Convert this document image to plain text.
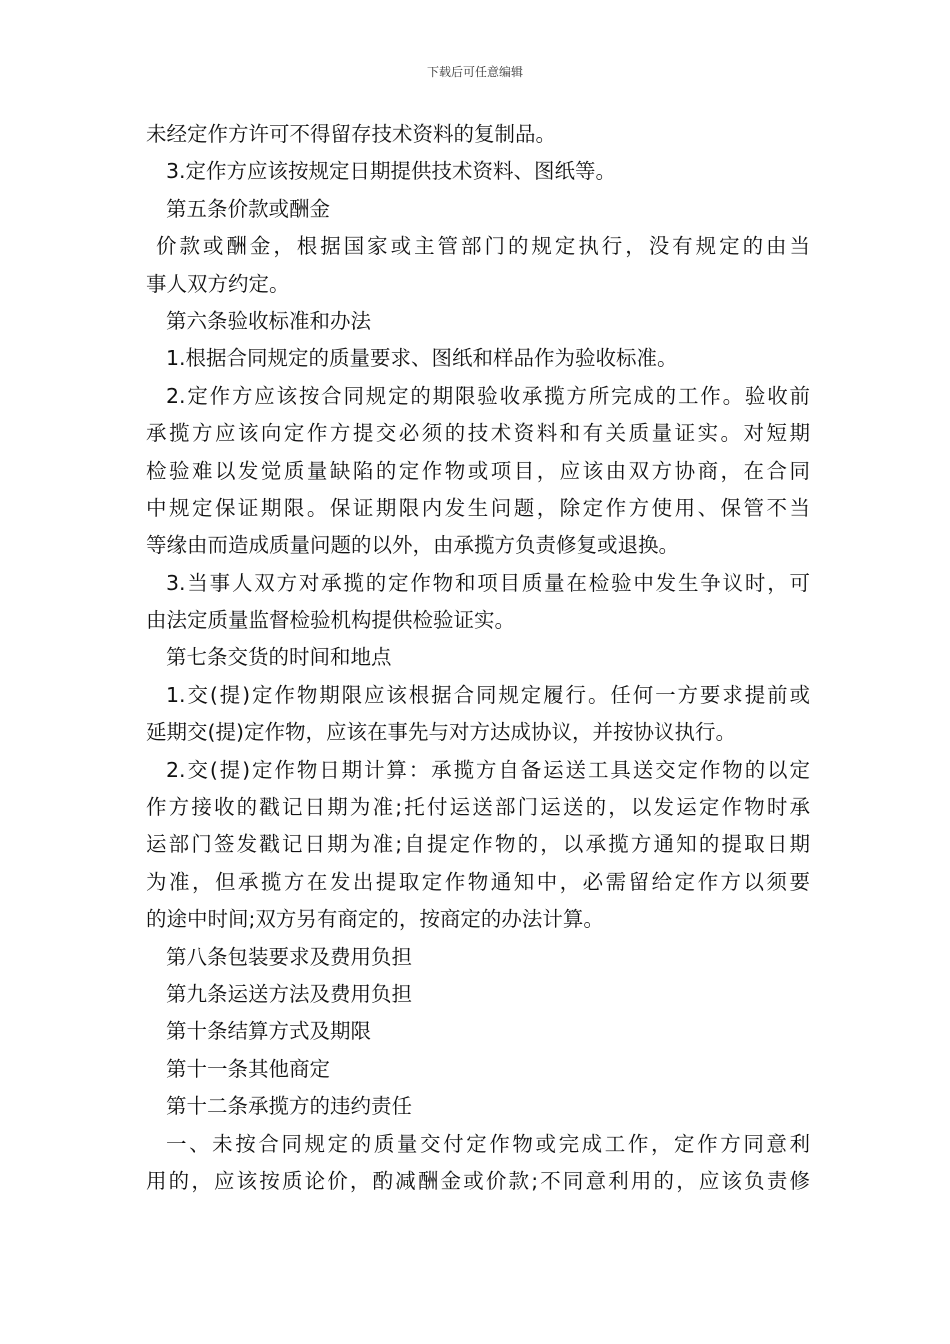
下载后可任意编辑
未经定作方许可不得留存技术资料的复制品。
3.定作方应该按规定日期提供技术资料、图纸等。
第五条价款或酬金
价款或酬金，根据国家或主管部门的规定执行，没有规定的由当
事人双方约定。
第六条验收标准和办法
1.根据合同规定的质量要求、图纸和样品作为验收标准。
2.定作方应该按合同规定的期限验收承揽方所完成的工作。验收前
承揽方应该向定作方提交必须的技术资料和有关质量证实。对短期
检验难以发觉质量缺陷的定作物或项目，应该由双方协商，在合同
中规定保证期限。保证期限内发生问题，除定作方使用、保管不当
等缘由而造成质量问题的以外，由承揽方负责修复或退换。
3.当事人双方对承揽的定作物和项目质量在检验中发生争议时，可
由法定质量监督检验机构提供检验证实。
第七条交货的时间和地点
1.交(提)定作物期限应该根据合同规定履行。任何一方要求提前或
延期交(提)定作物，应该在事先与对方达成协议，并按协议执行。
2.交(提)定作物日期计算：承揽方自备运送工具送交定作物的以定
作方接收的戳记日期为准;托付运送部门运送的，以发运定作物时承
运部门签发戳记日期为准;自提定作物的，以承揽方通知的提取日期
为准，但承揽方在发出提取定作物通知中，必需留给定作方以须要
的途中时间;双方另有商定的，按商定的办法计算。
第八条包装要求及费用负担
第九条运送方法及费用负担
第十条结算方式及期限
第十一条其他商定
第十二条承揽方的违约责任
一、未按合同规定的质量交付定作物或完成工作，定作方同意利
用的，应该按质论价，酌减酬金或价款;不同意利用的，应该负责修
